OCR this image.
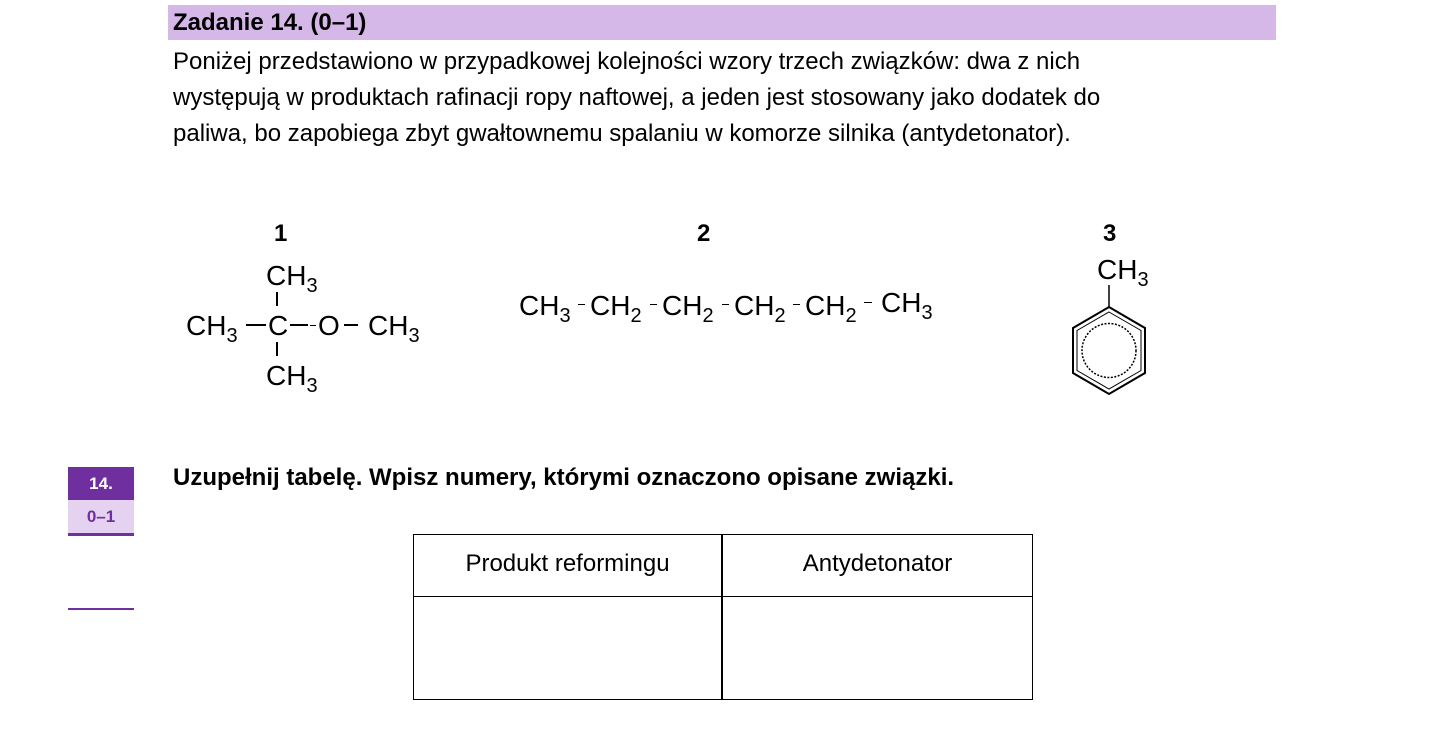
Zadanie 14. (0–1)
Poniżej przedstawiono w przypadkowej kolejności wzory trzech związków: dwa z nich
występują w produktach rafinacji ropy naftowej, a jeden jest stosowany jako dodatek do
paliwa, bo zapobiega zbyt gwałtownemu spalaniu w komorze silnika (antydetonator).
1
$CH_3$
$CH_3$ C O $CH_3$
$CH_3$
2
$CH_3$ $CH_2$ $CH_2$ $CH_2$ $CH_2$ $CH_3$
3
$CH_3$
14.
0–1
Uzupełnij tabelę. Wpisz numery, którymi oznaczono opisane związki.
Produkt reformingu	Antydetonator
